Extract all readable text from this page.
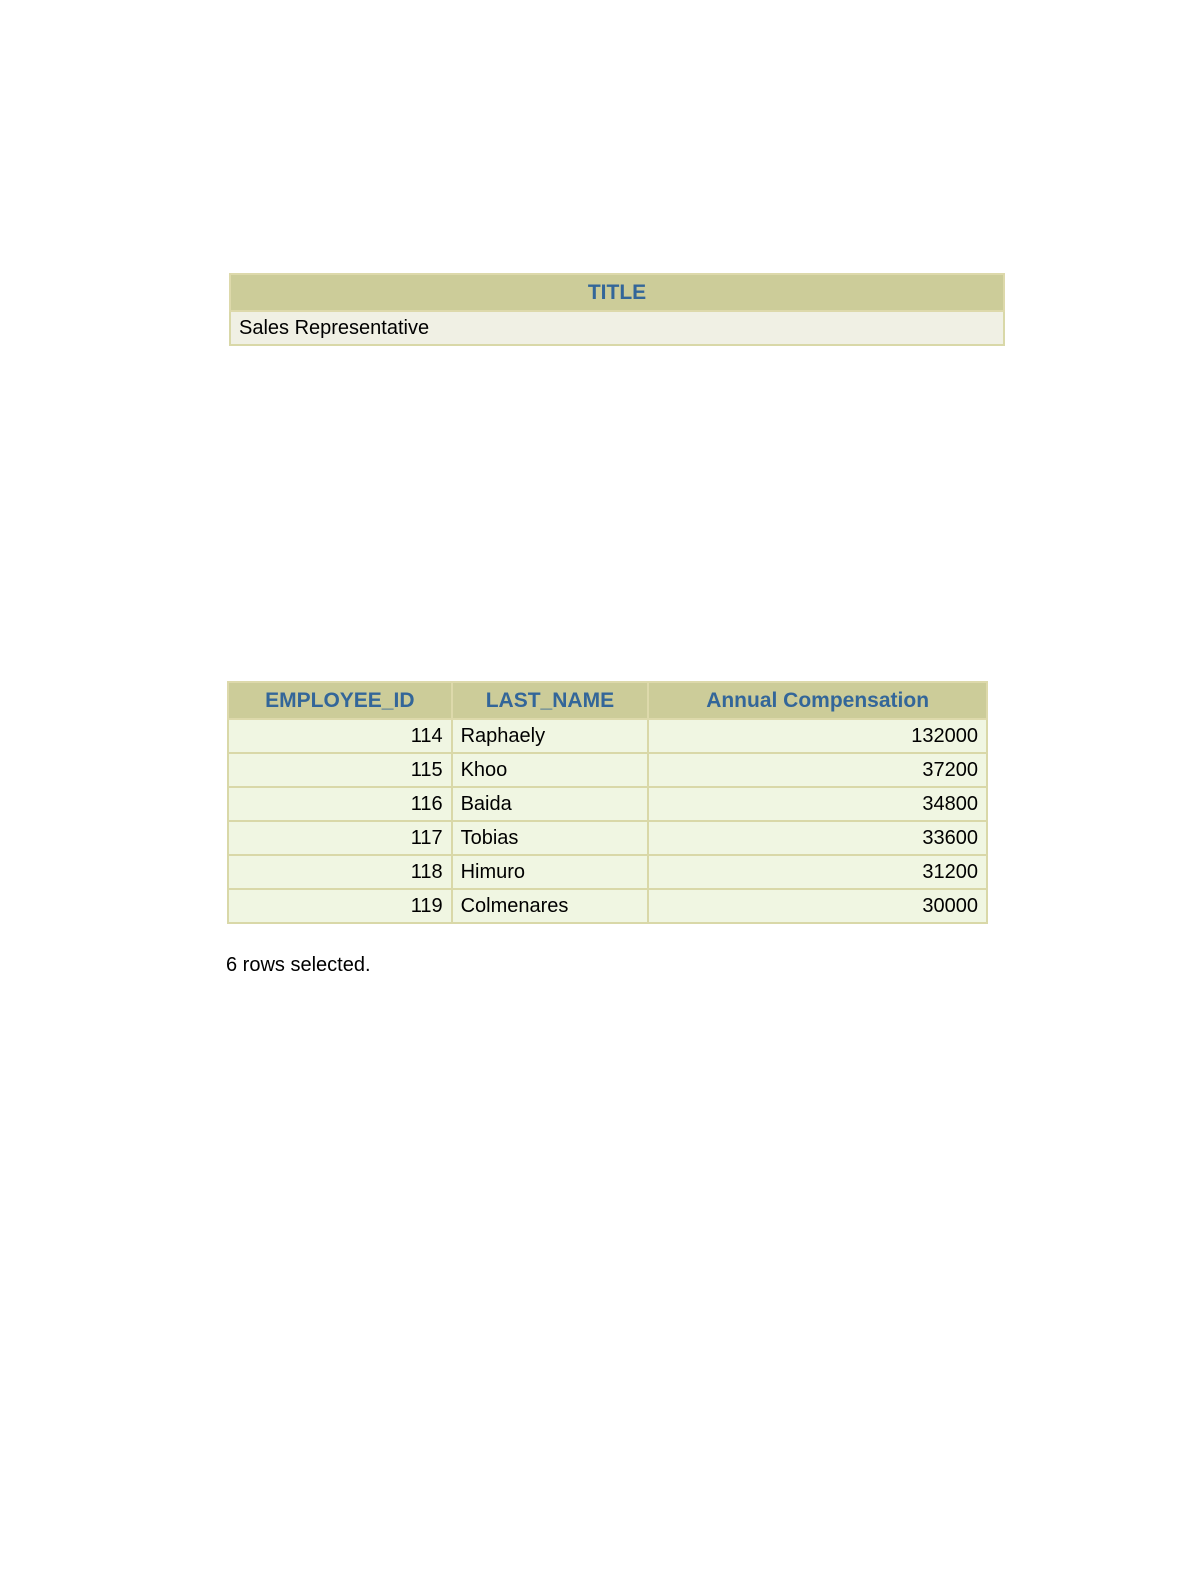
TITLE
Sales Representative
EMPLOYEE_ID	LAST_NAME	Annual Compensation
114	Raphaely	132000
115	Khoo	37200
116	Baida	34800
117	Tobias	33600
118	Himuro	31200
119	Colmenares	30000

6 rows selected.
